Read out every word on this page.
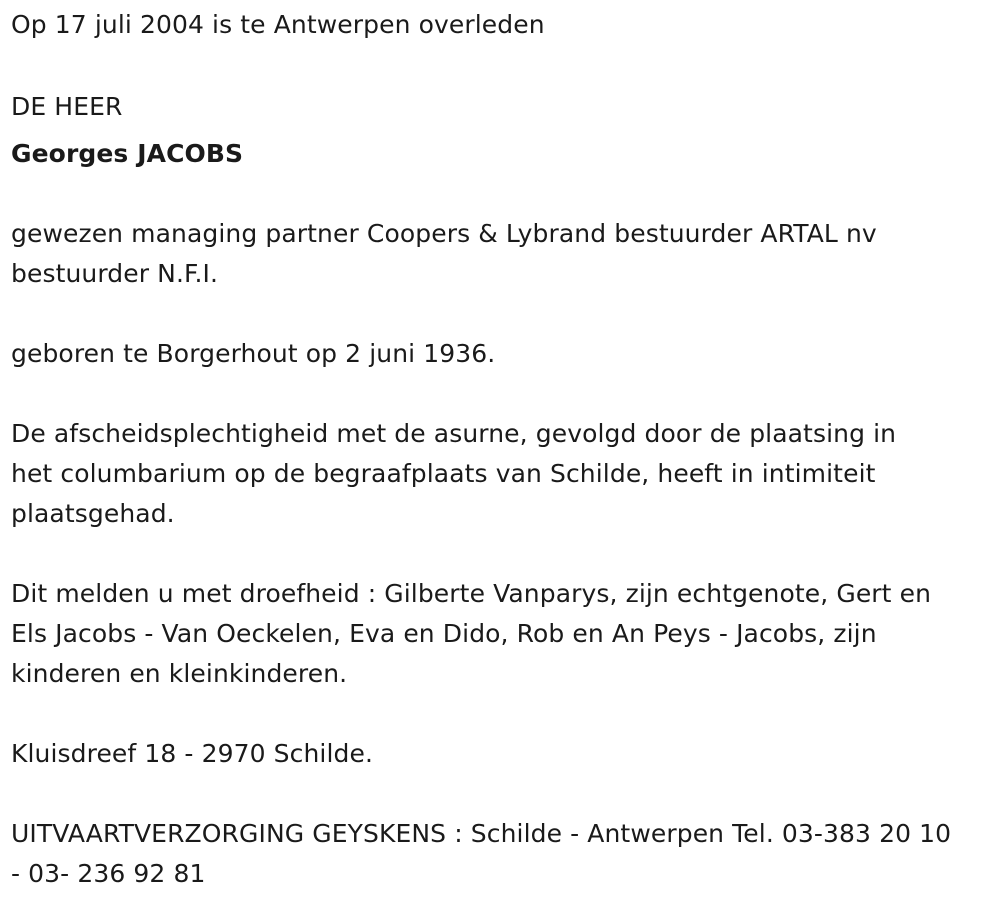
Op 17 juli 2004 is te Antwerpen overleden
DE HEER
Georges JACOBS
gewezen managing partner Coopers & Lybrand bestuurder ARTAL nv
bestuurder N.F.I.
geboren te Borgerhout op 2 juni 1936.
De afscheidsplechtigheid met de asurne, gevolgd door de plaatsing in
het columbarium op de begraafplaats van Schilde, heeft in intimiteit
plaatsgehad.
Dit melden u met droefheid : Gilberte Vanparys, zijn echtgenote, Gert en
Els Jacobs - Van Oeckelen, Eva en Dido, Rob en An Peys - Jacobs, zijn
kinderen en kleinkinderen.
Kluisdreef 18 - 2970 Schilde.
UITVAARTVERZORGING GEYSKENS : Schilde - Antwerpen Tel. 03-383 20 10
- 03- 236 92 81
